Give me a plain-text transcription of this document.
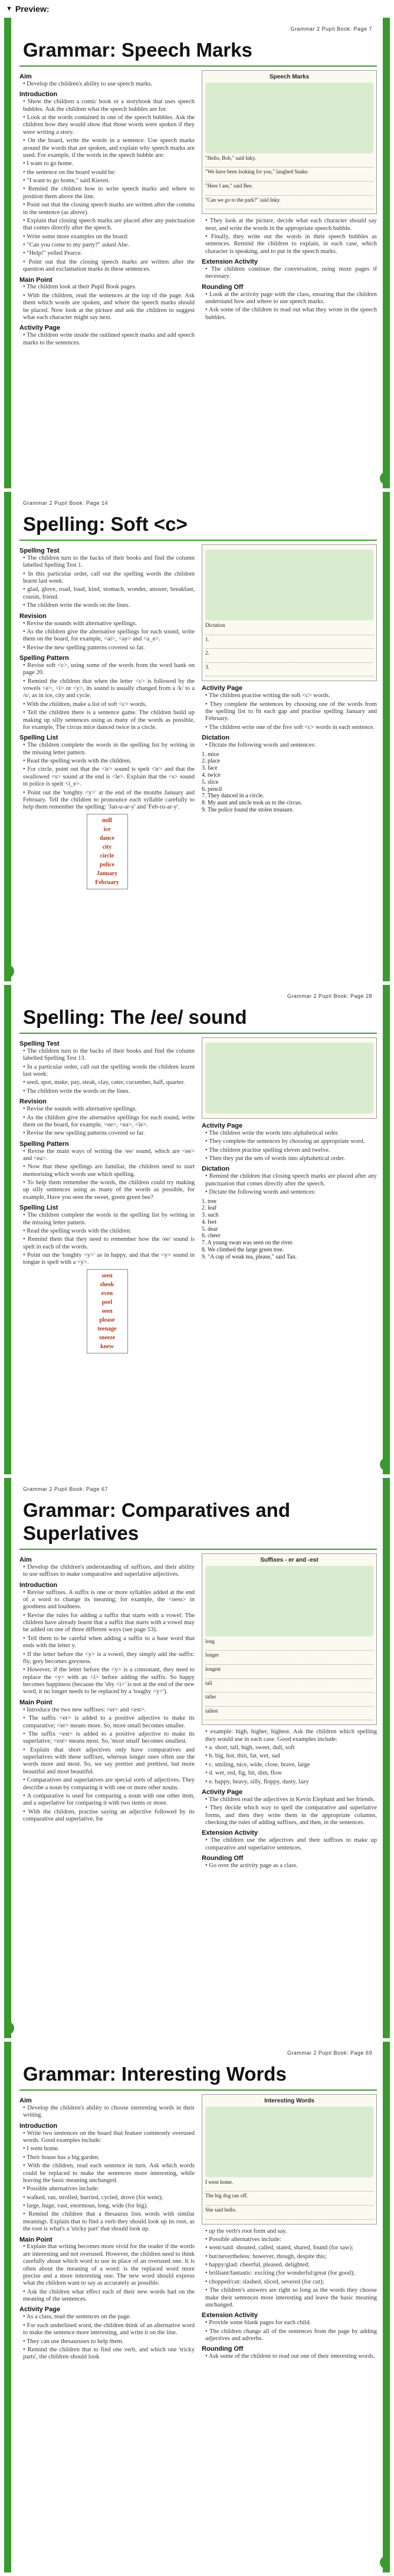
▼ Preview:
Grammar 2 Pupil Book: Page 7
Grammar: Speech Marks
Aim
• Develop the children's ability to use speech marks.
Introduction
• Show the children a comic book or a storybook that uses speech bubbles. Ask the children what the speech bubbles are for.
• Look at the words contained in one of the speech bubbles. Ask the children how they would show that those words were spoken if they were writing a story.
• On the board, write the words in a sentence. Use speech marks around the words that are spoken, and explain why speech marks are used. For example, if the words in the speech bubble are:
• I want to go home.
• the sentence on the board would be:
• "I want to go home," said Kieren.
• Remind the children how to write speech marks and where to position them above the line.
• Point out that the closing speech marks are written after the comma in the sentence (as above).
• Explain that closing speech marks are placed after any punctuation that comes directly after the speech.
• Write some more examples on the board:
• "Can you come to my party?" asked Abe.
• "Help!" yelled Pearce.
• Point out that the closing speech marks are written after the question and exclamation marks in these sentences.
Main Point
• The children look at their Pupil Book pages.
• With the children, read the sentences at the top of the page. Ask them which words are spoken, and where the speech marks should be placed. Now look at the picture and ask the children to suggest what each character might say next.
Activity Page
• The children write inside the outlined speech marks and add speech marks to the sentences.
Speech Marks
"Hello, Bob," said Inky.
"We have been looking for you," laughed Snake.
"Here I am," said Bee.
"Can we go to the park?" said Inky.
• They look at the picture, decide what each character should say next, and write the words in the appropriate speech bubble.
• Finally, they write out the words in their speech bubbles as sentences. Remind the children to explain, in each case, which character is speaking, and to put in the speech marks.
Extension Activity
• The children continue the conversation, using more pages if necessary.
Rounding Off
• Look at the activity page with the class, ensuring that the children understand how and where to use speech marks.
• Ask some of the children to read out what they wrote in the speech bubbles.
17
Grammar 2 Pupil Book: Page 14
Spelling: Soft <c>
Spelling Test
• The children turn to the backs of their books and find the column labelled Spelling Test 1.
• In this particular order, call out the spelling words the children learnt last week:
• glad, glove, road, loud, kind, stomach, wonder, answer, breakfast, cousin, friend.
• The children write the words on the lines.
Revision
• Revise the sounds with alternative spellings.
• As the children give the alternative spellings for each sound, write them on the board, for example, <ai>, <ay> and <a_e>.
• Revise the new spelling patterns covered so far.
Spelling Pattern
• Revise soft <c>, using some of the words from the word bank on page 20.
• Remind the children that when the letter <c> is followed by the vowels <e>, <i> or <y>, its sound is usually changed from a /k/ to a /s/, as in ice, city and cycle.
• With the children, make a list of soft <c> words.
• Tell the children there is a sentence game. The children build up making up silly sentences using as many of the words as possible, for example, The circus mice danced twice in a circle.
Spelling List
• The children complete the words in the spelling list by writing in the missing letter pattern.
• Read the spelling words with the children.
• For circle, point out that the <ir> sound is spelt <ir> and that the swallowed <s> sound at the end is <le>. Explain that the <s> sound in police is spelt <i_e>.
• Point out the 'tonghty <y>' at the end of the months January and February. Tell the children to pronounce each syllable carefully to help them remember the spelling: 'Jan-u-ar-y' and 'Feb-ru-ar-y'.
mill
ice
dance
city
circle
police
January
February
Dictation
1.
2.
3.
Activity Page
• The children practise writing the soft <c> words.
• They complete the sentences by choosing one of the words from the spelling list to fit each gap and practise spelling January and February.
• The children write one of the five soft <c> words in each sentence.
Dictation
• Dictate the following words and sentences:
1. mice
2. place
3. face
4. twice
5. slice
6. pencil
7. They danced in a circle.
8. My aunt and uncle took us to the circus.
9. The police found the stolen treasure.
64
Grammar 2 Pupil Book: Page 28
Spelling: The /ee/ sound
Spelling Test
• The children turn to the backs of their books and find the column labelled Spelling Test 13.
• In a particular order, call out the spelling words the children learnt last week:
• seed, spot, make, pay, steak, clay, cater, cucumber, half, quarter.
• The children write the words on the lines.
Revision
• Revise the sounds with alternative spellings.
• As the children give the alternative spellings for each sound, write them on the board, for example, <ee>, <ea>, <ie>.
• Revise the new spelling patterns covered so far.
Spelling Pattern
• Revise the main ways of writing the /ee/ sound, which are <ee> and <ea>.
• Now that these spellings are familiar, the children need to start memorising which words use which spelling.
• To help them remember the words, the children could try making up silly sentences using as many of the words as possible, for example, Have you seen the sweet, green green bee?
Spelling List
• The children complete the words in the spelling list by writing in the missing letter pattern.
• Read the spelling words with the children.
• Remind them that they need to remember how the /ee/ sound is spelt in each of the words.
• Point out the 'tonghty <y>' as in happy, and that the <y> sound in tongue is spelt with a <y>.
seen
sheek
even
peel
seen
please
teenage
sneeze
knew
Activity Page
• The children write the words into alphabetical order.
• They complete the sentences by choosing an appropriate word.
• The children practise spelling eleven and twelve.
• Then they put the sets of words into alphabetical order.
Dictation
• Remind the children that closing speech marks are placed after any punctuation that comes directly after the speech.
• Dictate the following words and sentences:
1. tree
2. leaf
3. such
4. feet
5. dear
6. cheer
7. A young swan was seen on the river.
8. We climbed the large green tree.
9. "A cup of weak tea, please," said Tan.
58
Grammar 2 Pupil Book: Page 67
Grammar: Comparatives and Superlatives
Aim
• Develop the children's understanding of suffixes, and their ability to use suffixes to make comparative and superlative adjectives.
Introduction
• Revise suffixes. A suffix is one or more syllables added at the end of a word to change its meaning; for example, the <ness> in goodness and loudness.
• Revise the rules for adding a suffix that starts with a vowel: The children have already learnt that a suffix that starts with a vowel may be added on one of three different ways (see page 53).
• Tell them to be careful when adding a suffix to a base word that ends with the letter y.
• If the letter before the <y> is a vowel, they simply add the suffix: fly, grey becomes greyness.
• However, if the letter before the <y> is a consonant, they need to replace the <y> with an <i> before adding the suffix. So happy becomes happiness (because the 'shy <i>' is not at the end of the new word, it no longer needs to be replaced by a 'toughy <y>').
Main Point
• Introduce the two new suffixes: <er> and <est>.
• The suffix <er> is added to a positive adjective to make its comparative; <er> means more. So, more small becomes smaller.
• The suffix <est> is added to a positive adjective to make its superlative; <est> means most. So, 'most small' becomes smallest.
• Explain that short adjectives only have comparatives and superlatives with these suffixes, whereas longer ones often use the words more and most. So, we say prettier and prettiest, but more beautiful and most beautiful.
• Comparatives and superlatives are special sorts of adjectives. They describe a noun by comparing it with one or more other nouns.
• A comparative is used for comparing a noun with one other item, and a superlative for comparing it with two items or more.
• With the children, practise saying an adjective followed by its comparative and superlative, for
Suffixes - er and -est
long
longer
longest
tall
taller
tallest
• example: high, higher, highest. Ask the children which spelling they would use in each case. Good examples include:
• a. short, tall, high, sweet, dull, soft
• b. big, hot, thin, fat, wet, sad
• c. smiling, nice, wide, close, brave, large
• d. wet, red, fig, hit, dim, flow
• e. happy, heavy, silly, floppy, dusty, lazy
Activity Page
• The children read the adjectives in Kevin Elephant and her friends.
• They decide which way to spell the comparative and superlative forms, and then they write them in the appropriate columns, checking the rules of adding suffixes, and then, in the sentences.
Extension Activity
• The children use the adjectives and their suffixes to make up comparative and superlative sentences.
Rounding Off
• Go over the activity page as a class.
57
Grammar 2 Pupil Book: Page 69
Grammar: Interesting Words
Aim
• Develop the children's ability to choose interesting words in their writing.
Introduction
• Write two sentences on the board that feature commonly overused words. Good examples include:
• I went home.
• Their house has a big garden.
• With the children, read each sentence in turn. Ask which words could be replaced to make the sentences more interesting, while leaving the basic meaning unchanged.
• Possible alternatives include:
• walked, ran, strolled, hurried, cycled, drove (for went);
• large, huge, vast, enormous, long, wide (for big).
• Remind the children that a thesaurus lists words with similar meanings. Explain that to find a verb they should look up its root, as the root is what's a 'sticky part' that should look up.
Main Point
• Explain that writing becomes more vivid for the reader if the words are interesting and not overused. However, the children need to think carefully about which word to use in place of an overused one. It is often about the meaning of a word: is the replaced word more precise and a more interesting one. The new word should express what the children want to say as accurately as possible.
• Ask the children what effect each of their new words had on the meaning of the sentences.
Activity Page
• As a class, read the sentences on the page.
• For each underlined word, the children think of an alternative word to make the sentence more interesting, and write it on the line.
• They can use thesauruses to help them.
• Remind the children that to find one verb, and which one 'tricky parts', the children should look
Interesting Words
I went home.
The big dog ran off.
She said hello.
• up the verb's root form and say.
• Possible alternatives include:
• went/said: shouted, called, stated, shared, found (for saw);
• but/nevertheless: however, though, despite this;
• happy/glad: cheerful, pleased, delighted;
• brilliant/fantastic: exciting (for wonderful/great (for good);
• chopped/cut: slashed, sliced, severed (for cut);
• The children's answers are right so long as the words they choose make their sentences more interesting and leave the basic meaning unchanged.
Extension Activity
• Provide some blank pages for each child.
• The children change all of the sentences from the page by adding adjectives and adverbs.
Rounding Off
• Ask some of the children to read out one of their interesting words.
59
